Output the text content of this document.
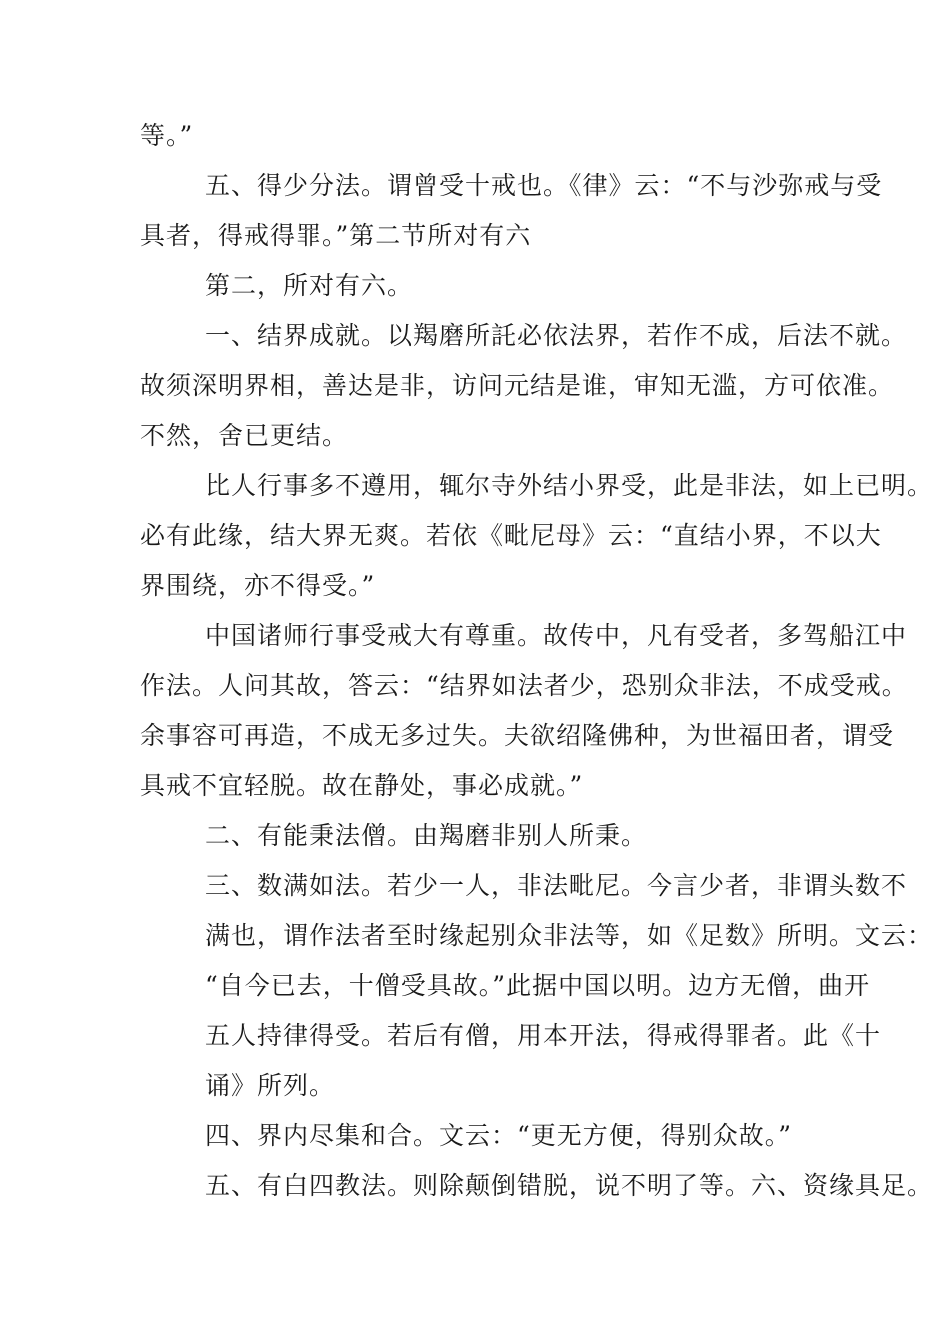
等。”
五、得少分法。谓曾受十戒也。《律》云：“不与沙弥戒与受
具者，得戒得罪。”第二节所对有六
第二，所对有六。
一、结界成就。以羯磨所託必依法界，若作不成，后法不就。
故须深明界相，善达是非，访问元结是谁，审知无滥，方可依准。
不然，舍已更结。
比人行事多不遵用，辄尔寺外结小界受，此是非法，如上已明。
必有此缘，结大界无爽。若依《毗尼母》云：“直结小界，不以大
界围绕，亦不得受。”
中国诸师行事受戒大有尊重。故传中，凡有受者，多驾船江中
作法。人问其故，答云：“结界如法者少，恐别众非法，不成受戒。
余事容可再造，不成无多过失。夫欲绍隆佛种，为世福田者，谓受
具戒不宜轻脱。故在静处，事必成就。”
二、有能秉法僧。由羯磨非别人所秉。
三、数满如法。若少一人，非法毗尼。今言少者，非谓头数不
满也，谓作法者至时缘起别众非法等，如《足数》所明。文云：
“自今已去，十僧受具故。”此据中国以明。边方无僧，曲开
五人持律得受。若后有僧，用本开法，得戒得罪者。此《十
诵》所列。
四、界内尽集和合。文云：“更无方便，得别众故。”
五、有白四教法。则除颠倒错脱，说不明了等。六、资缘具足。
